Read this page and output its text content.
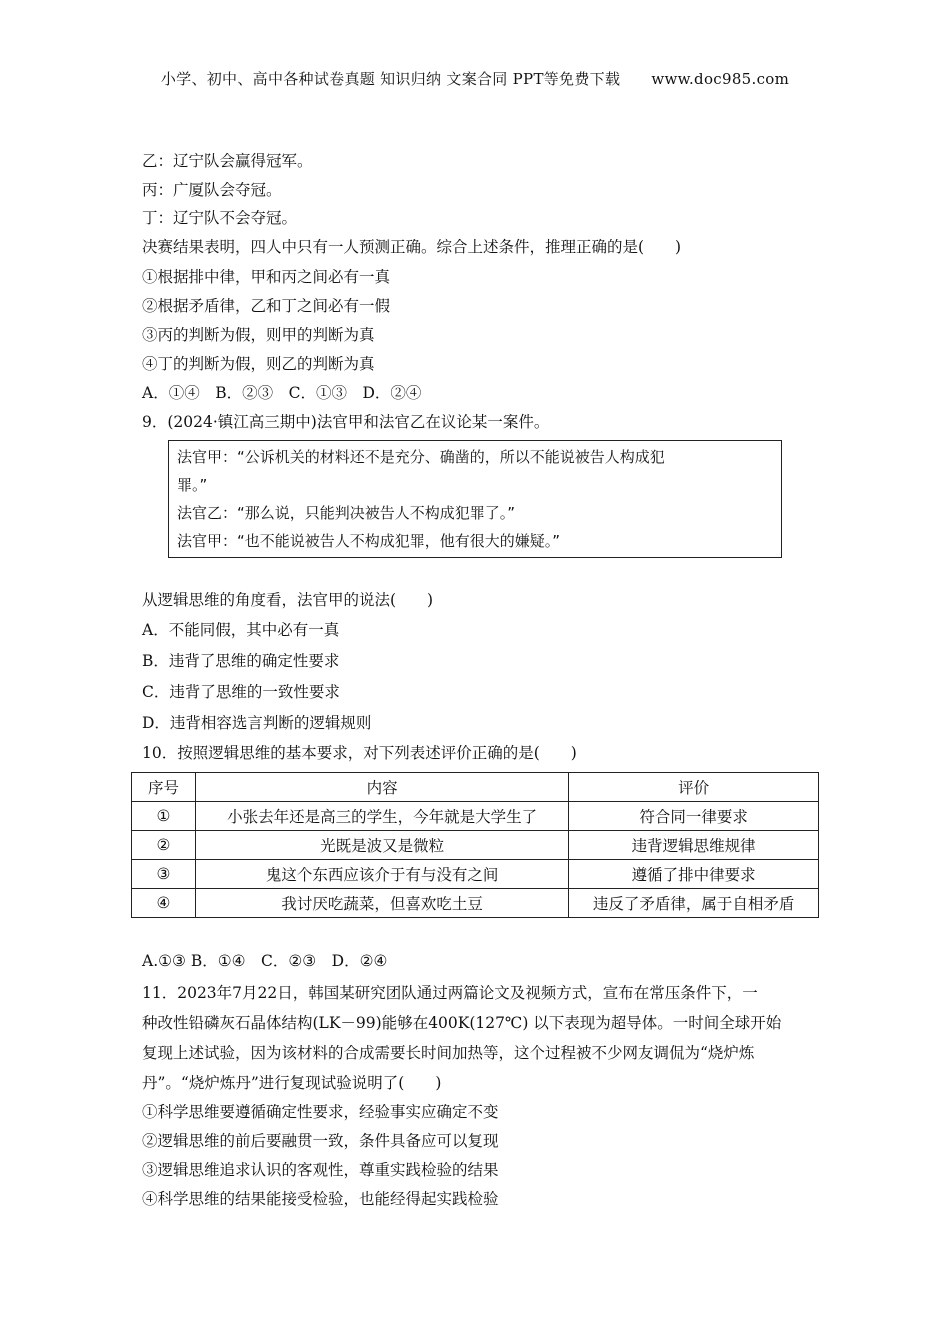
小学、初中、高中各种试卷真题 知识归纳 文案合同 PPT等免费下载 www.doc985.com
乙：辽宁队会赢得冠军。
丙：广厦队会夺冠。
丁：辽宁队不会夺冠。
决赛结果表明，四人中只有一人预测正确。综合上述条件，推理正确的是(　　)
①根据排中律，甲和丙之间必有一真
②根据矛盾律，乙和丁之间必有一假
③丙的判断为假，则甲的判断为真
④丁的判断为假，则乙的判断为真
A．①④　B．②③　C．①③　D．②④
9．(2024·镇江高三期中)法官甲和法官乙在议论某一案件。
法官甲：“公诉机关的材料还不是充分、确凿的，所以不能说被告人构成犯
罪。”
法官乙：“那么说，只能判决被告人不构成犯罪了。”
法官甲：“也不能说被告人不构成犯罪，他有很大的嫌疑。”
从逻辑思维的角度看，法官甲的说法(　　)
A．不能同假，其中必有一真
B．违背了思维的确定性要求
C．违背了思维的一致性要求
D．违背相容选言判断的逻辑规则
10．按照逻辑思维的基本要求，对下列表述评价正确的是(　　)
序号	内容	评价
①	小张去年还是高三的学生，今年就是大学生了	符合同一律要求
②	光既是波又是微粒	违背逻辑思维规律
③	鬼这个东西应该介于有与没有之间	遵循了排中律要求
④	我讨厌吃蔬菜，但喜欢吃土豆	违反了矛盾律，属于自相矛盾
A.①③ B．①④　C．②③　D．②④
11．2023年7月22日，韩国某研究团队通过两篇论文及视频方式，宣布在常压条件下，一
种改性铅磷灰石晶体结构(LK－99)能够在400K(127℃) 以下表现为超导体。一时间全球开始
复现上述试验，因为该材料的合成需要长时间加热等，这个过程被不少网友调侃为“烧炉炼
丹”。“烧炉炼丹”进行复现试验说明了(　　)
①科学思维要遵循确定性要求，经验事实应确定不变
②逻辑思维的前后要融贯一致，条件具备应可以复现
③逻辑思维追求认识的客观性，尊重实践检验的结果
④科学思维的结果能接受检验，也能经得起实践检验
